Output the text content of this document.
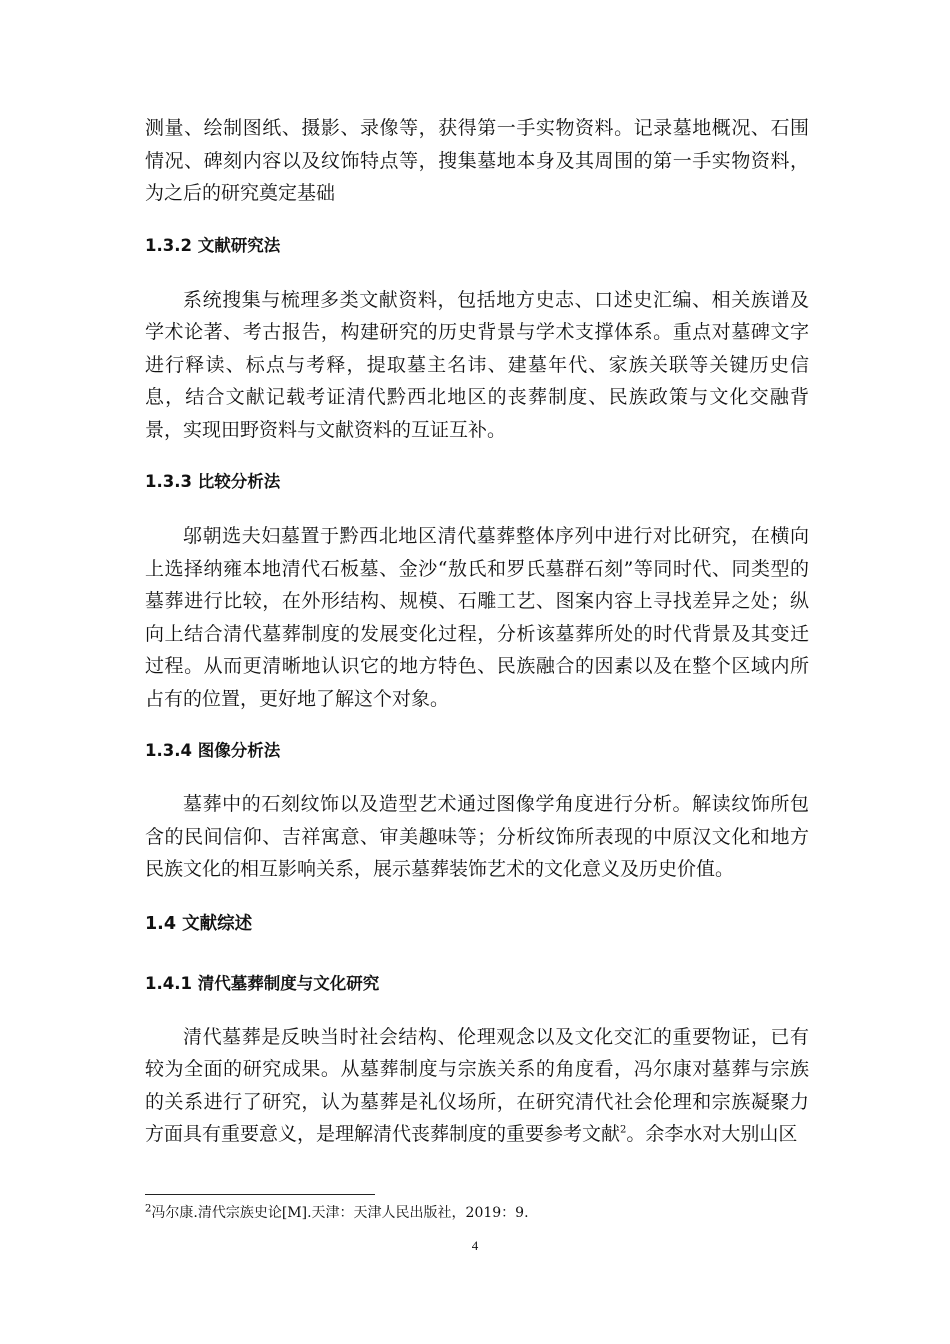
测量、绘制图纸、摄影、录像等，获得第一手实物资料。记录墓地概况、石围情况、碑刻内容以及纹饰特点等，搜集墓地本身及其周围的第一手实物资料，为之后的研究奠定基础

1.3.2 文献研究法

系统搜集与梳理多类文献资料，包括地方史志、口述史汇编、相关族谱及学术论著、考古报告，构建研究的历史背景与学术支撑体系。重点对墓碑文字进行释读、标点与考释，提取墓主名讳、建墓年代、家族关联等关键历史信息，结合文献记载考证清代黔西北地区的丧葬制度、民族政策与文化交融背景，实现田野资料与文献资料的互证互补。

1.3.3 比较分析法

邬朝选夫妇墓置于黔西北地区清代墓葬整体序列中进行对比研究，在横向上选择纳雍本地清代石板墓、金沙“敖氏和罗氏墓群石刻”等同时代、同类型的墓葬进行比较，在外形结构、规模、石雕工艺、图案内容上寻找差异之处；纵向上结合清代墓葬制度的发展变化过程，分析该墓葬所处的时代背景及其变迁过程。从而更清晰地认识它的地方特色、民族融合的因素以及在整个区域内所占有的位置，更好地了解这个对象。

1.3.4 图像分析法

墓葬中的石刻纹饰以及造型艺术通过图像学角度进行分析。解读纹饰所包含的民间信仰、吉祥寓意、审美趣味等；分析纹饰所表现的中原汉文化和地方民族文化的相互影响关系，展示墓葬装饰艺术的文化意义及历史价值。

1.4 文献综述
1.4.1 清代墓葬制度与文化研究

清代墓葬是反映当时社会结构、伦理观念以及文化交汇的重要物证，已有较为全面的研究成果。从墓葬制度与宗族关系的角度看，冯尔康对墓葬与宗族的关系进行了研究，认为墓葬是礼仪场所，在研究清代社会伦理和宗族凝聚力方面具有重要意义，是理解清代丧葬制度的重要参考文献$^2$。余李水对大别山区

$^2$冯尔康.清代宗族史论[M].天津：天津人民出版社，2019：9.
4
